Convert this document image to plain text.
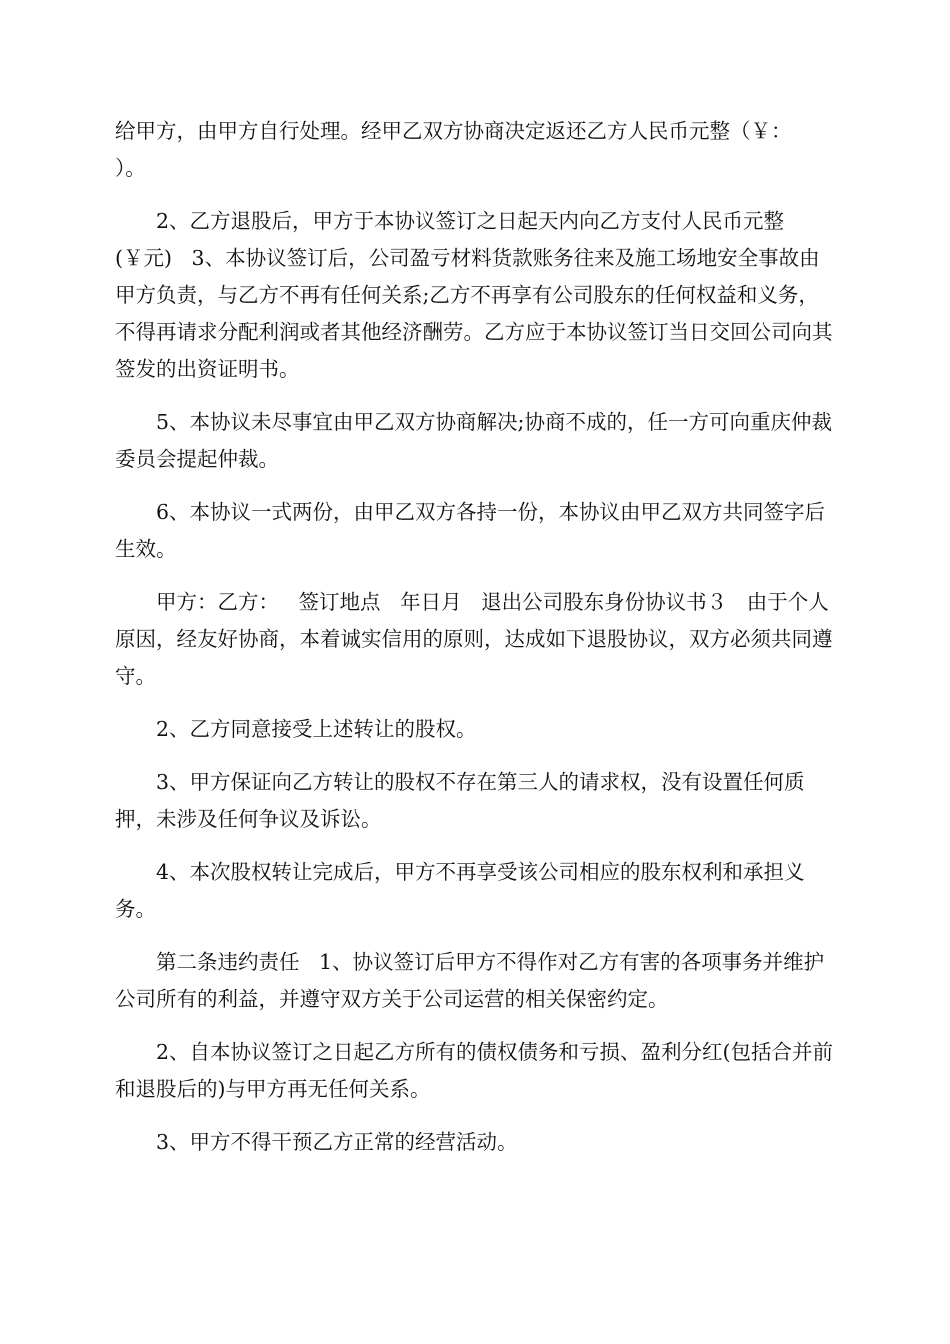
给甲方，由甲方自行处理。经甲乙双方协商决定返还乙方人民币元整（￥：    ）。

2、乙方退股后，甲方于本协议签订之日起天内向乙方支付人民币元整(￥元)   3、本协议签订后，公司盈亏材料货款账务往来及施工场地安全事故由甲方负责，与乙方不再有任何关系;乙方不再享有公司股东的任何权益和义务，不得再请求分配利润或者其他经济酬劳。乙方应于本协议签订当日交回公司向其签发的出资证明书。

5、本协议未尽事宜由甲乙双方协商解决;协商不成的，任一方可向重庆仲裁委员会提起仲裁。

6、本协议一式两份，由甲乙双方各持一份，本协议由甲乙双方共同签字后生效。

甲方：乙方：   签订地点   年日月   退出公司股东身份协议书３   由于个人原因，经友好协商，本着诚实信用的原则，达成如下退股协议，双方必须共同遵守。

2、乙方同意接受上述转让的股权。

3、甲方保证向乙方转让的股权不存在第三人的请求权，没有设置任何质押，未涉及任何争议及诉讼。

4、本次股权转让完成后，甲方不再享受该公司相应的股东权利和承担义务。

第二条违约责任   1、协议签订后甲方不得作对乙方有害的各项事务并维护公司所有的利益，并遵守双方关于公司运营的相关保密约定。

2、自本协议签订之日起乙方所有的债权债务和亏损、盈利分红(包括合并前和退股后的)与甲方再无任何关系。

3、甲方不得干预乙方正常的经营活动。
